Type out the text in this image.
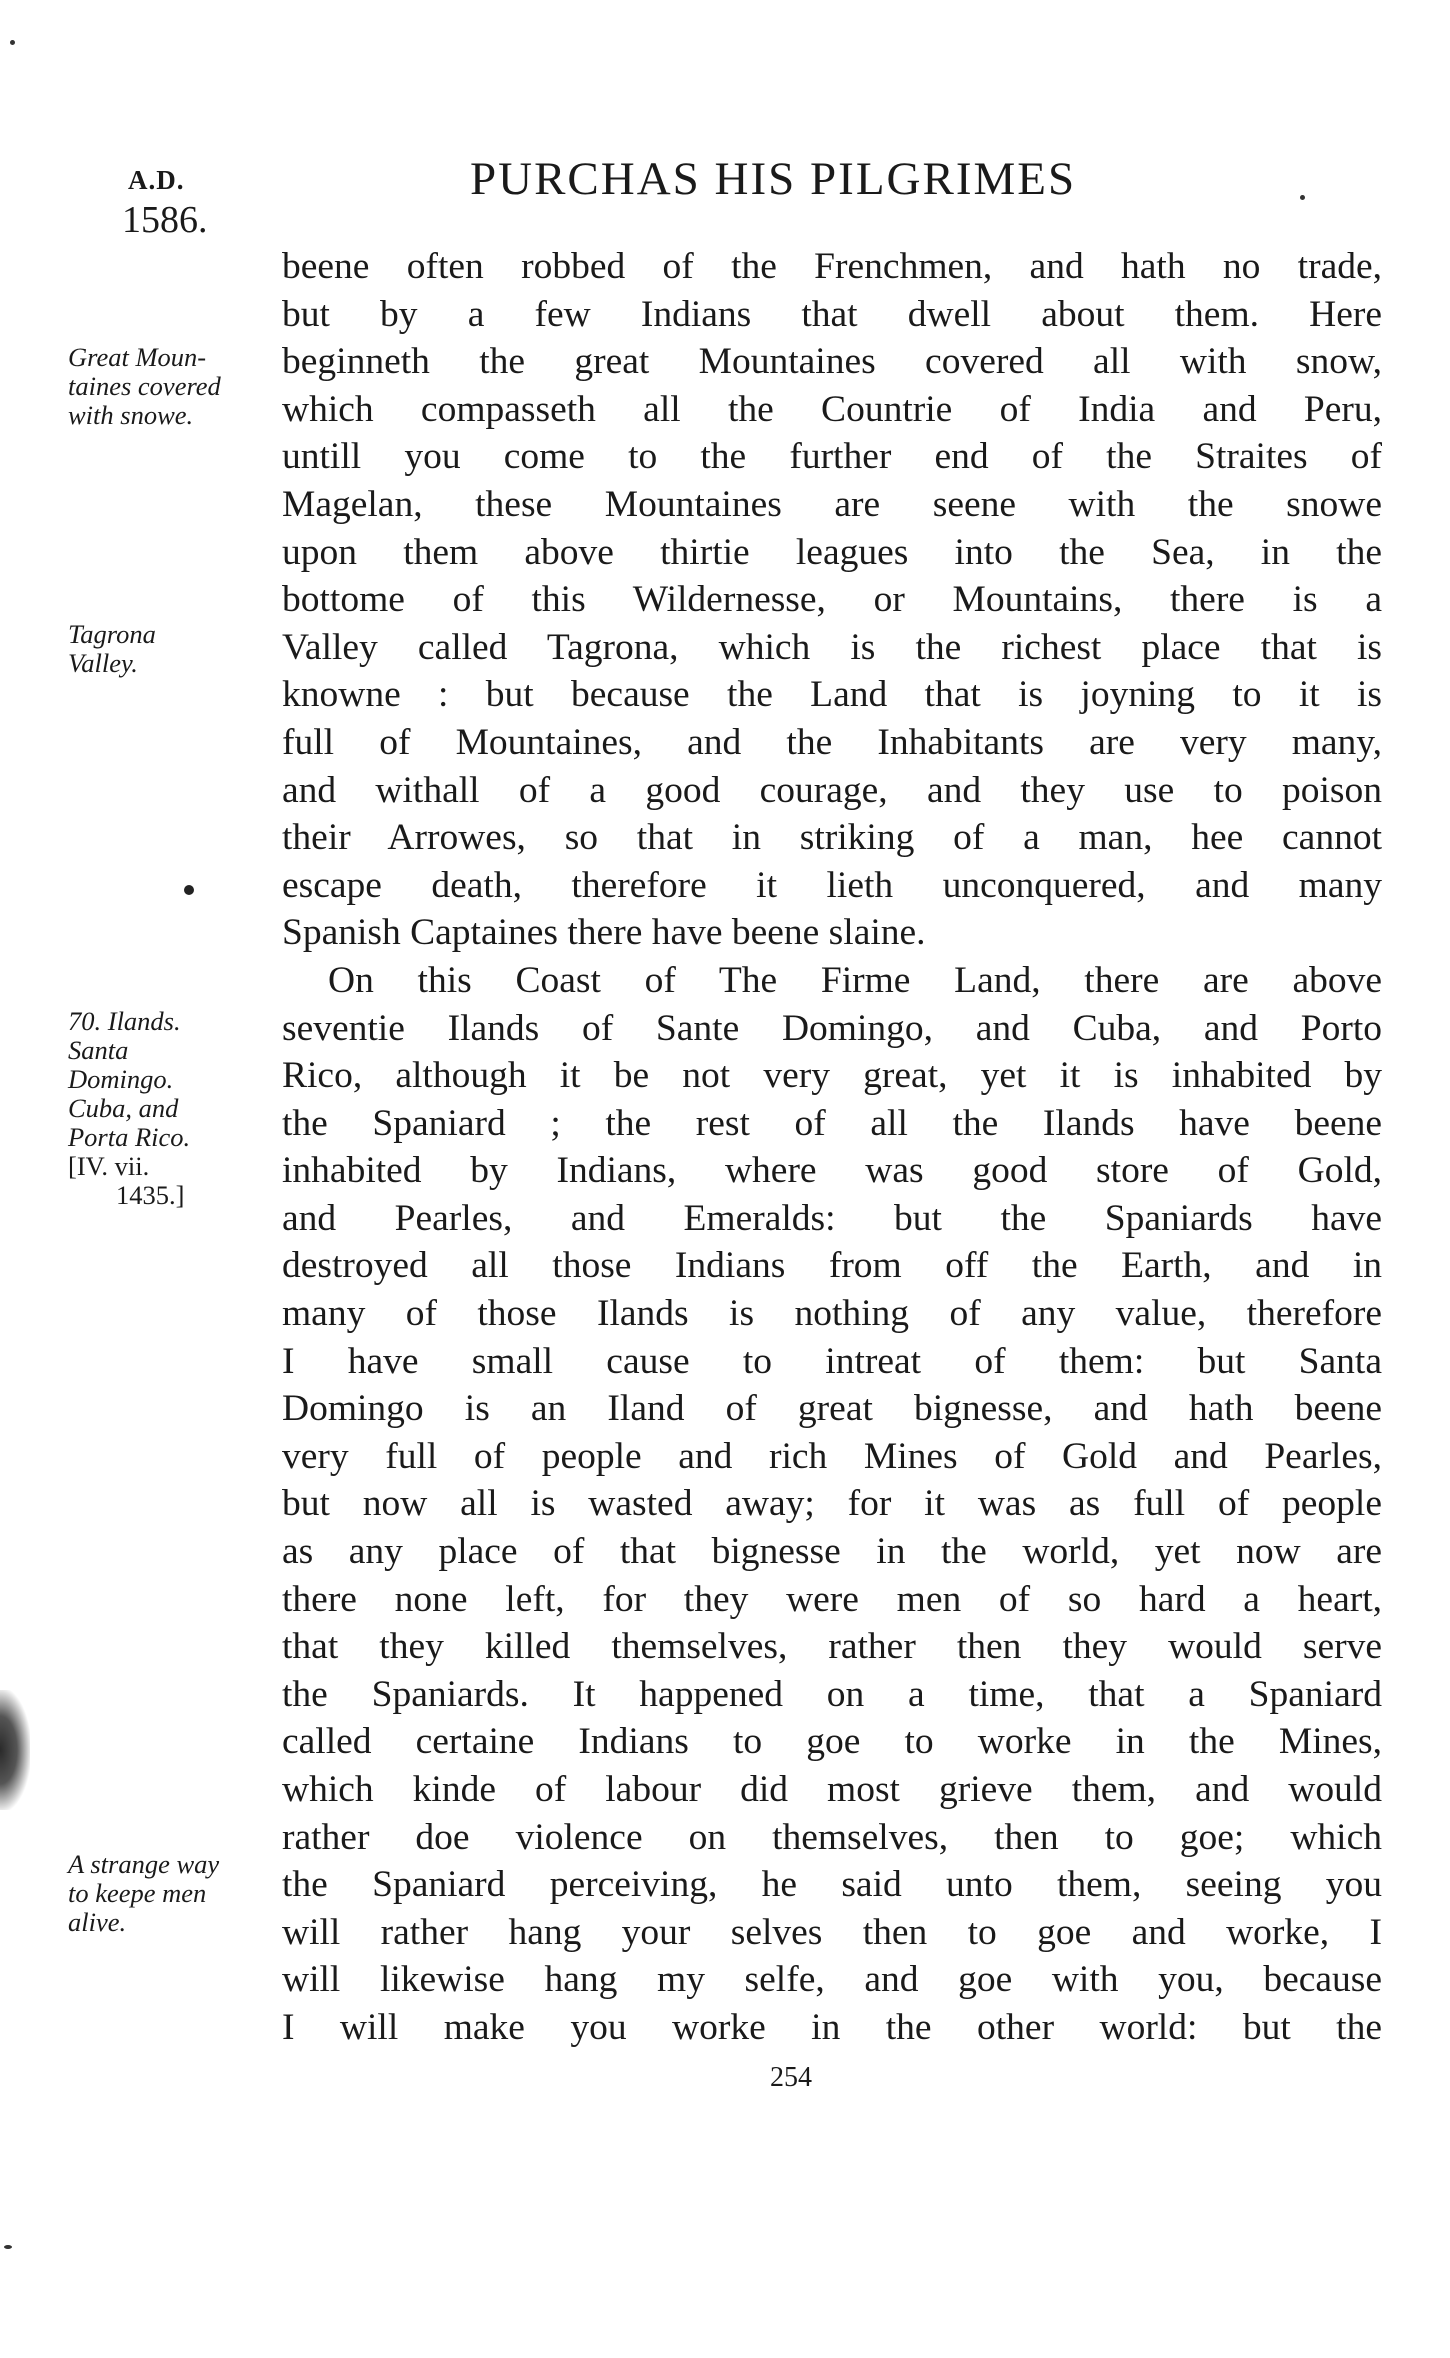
A.D.
1586.
PURCHAS HIS PILGRIMES
Great Moun-
taines covered
with snowe.
Tagrona
Valley.
70. Ilands.
Santa
Domingo.
Cuba, and
Porta Rico.
[IV. vii.
1435.]
A strange way
to keepe men
alive.
beene often robbed of the Frenchmen, and hath no trade,
but by a few Indians that dwell about them. Here
beginneth the great Mountaines covered all with snow,
which compasseth all the Countrie of India and Peru,
untill you come to the further end of the Straites of
Magelan, these Mountaines are seene with the snowe
upon them above thirtie leagues into the Sea, in the
bottome of this Wildernesse, or Mountains, there is a
Valley called Tagrona, which is the richest place that is
knowne : but because the Land that is joyning to it is
full of Mountaines, and the Inhabitants are very many,
and withall of a good courage, and they use to poison
their Arrowes, so that in striking of a man, hee cannot
escape death, therefore it lieth unconquered, and many
Spanish Captaines there have beene slaine.
On this Coast of The Firme Land, there are above
seventie Ilands of Sante Domingo, and Cuba, and Porto
Rico, although it be not very great, yet it is inhabited by
the Spaniard ; the rest of all the Ilands have beene
inhabited by Indians, where was good store of Gold,
and Pearles, and Emeralds: but the Spaniards have
destroyed all those Indians from off the Earth, and in
many of those Ilands is nothing of any value, therefore
I have small cause to intreat of them: but Santa
Domingo is an Iland of great bignesse, and hath beene
very full of people and rich Mines of Gold and Pearles,
but now all is wasted away; for it was as full of people
as any place of that bignesse in the world, yet now are
there none left, for they were men of so hard a heart,
that they killed themselves, rather then they would serve
the Spaniards. It happened on a time, that a Spaniard
called certaine Indians to goe to worke in the Mines,
which kinde of labour did most grieve them, and would
rather doe violence on themselves, then to goe; which
the Spaniard perceiving, he said unto them, seeing you
will rather hang your selves then to goe and worke, I
will likewise hang my selfe, and goe with you, because
I will make you worke in the other world: but the
254
